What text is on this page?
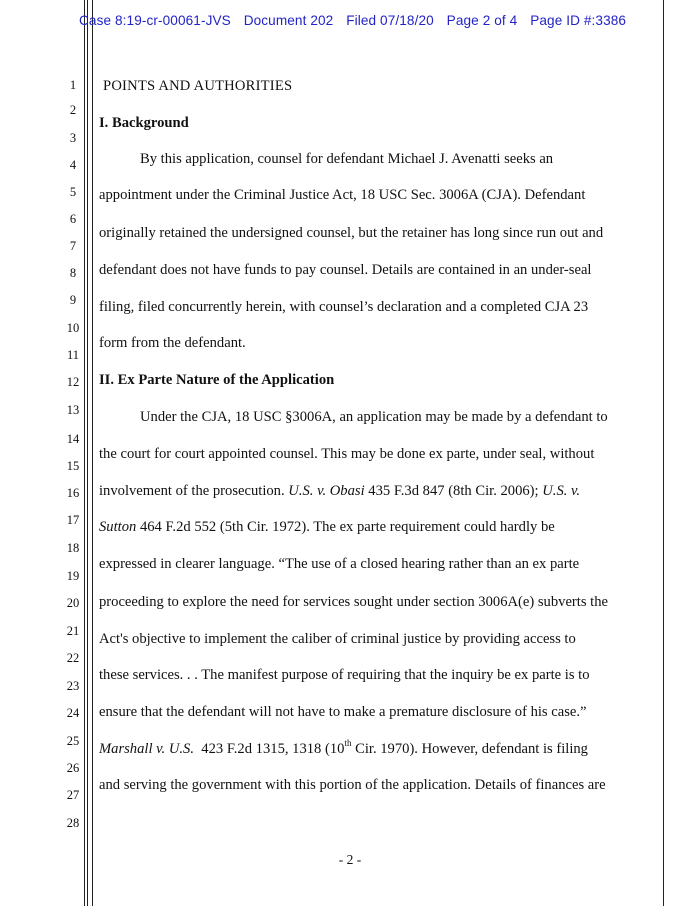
Case 8:19-cr-00061-JVS Document 202 Filed 07/18/20 Page 2 of 4 Page ID #:3386
1
2
3
4
5
6
7
8
9
10
11
12
13
14
15
16
17
18
19
20
21
22
23
24
25
26
27
28
POINTS AND AUTHORITIES
I. Background
By this application, counsel for defendant Michael J. Avenatti seeks an
appointment under the Criminal Justice Act, 18 USC Sec. 3006A (CJA). Defendant
originally retained the undersigned counsel, but the retainer has long since run out and
defendant does not have funds to pay counsel. Details are contained in an under-seal
filing, filed concurrently herein, with counsel’s declaration and a completed CJA 23
form from the defendant.
II. Ex Parte Nature of the Application
Under the CJA, 18 USC §3006A, an application may be made by a defendant to
the court for court appointed counsel. This may be done ex parte, under seal, without
involvement of the prosecution. U.S. v. Obasi 435 F.3d 847 (8th Cir. 2006); U.S. v.
Sutton 464 F.2d 552 (5th Cir. 1972). The ex parte requirement could hardly be
expressed in clearer language. “The use of a closed hearing rather than an ex parte
proceeding to explore the need for services sought under section 3006A(e) subverts the
Act's objective to implement the caliber of criminal justice by providing access to
these services. . . The manifest purpose of requiring that the inquiry be ex parte is to
ensure that the defendant will not have to make a premature disclosure of his case.”
Marshall v. U.S.  423 F.2d 1315, 1318 (10th Cir. 1970). However, defendant is filing
and serving the government with this portion of the application. Details of finances are
- 2 -
